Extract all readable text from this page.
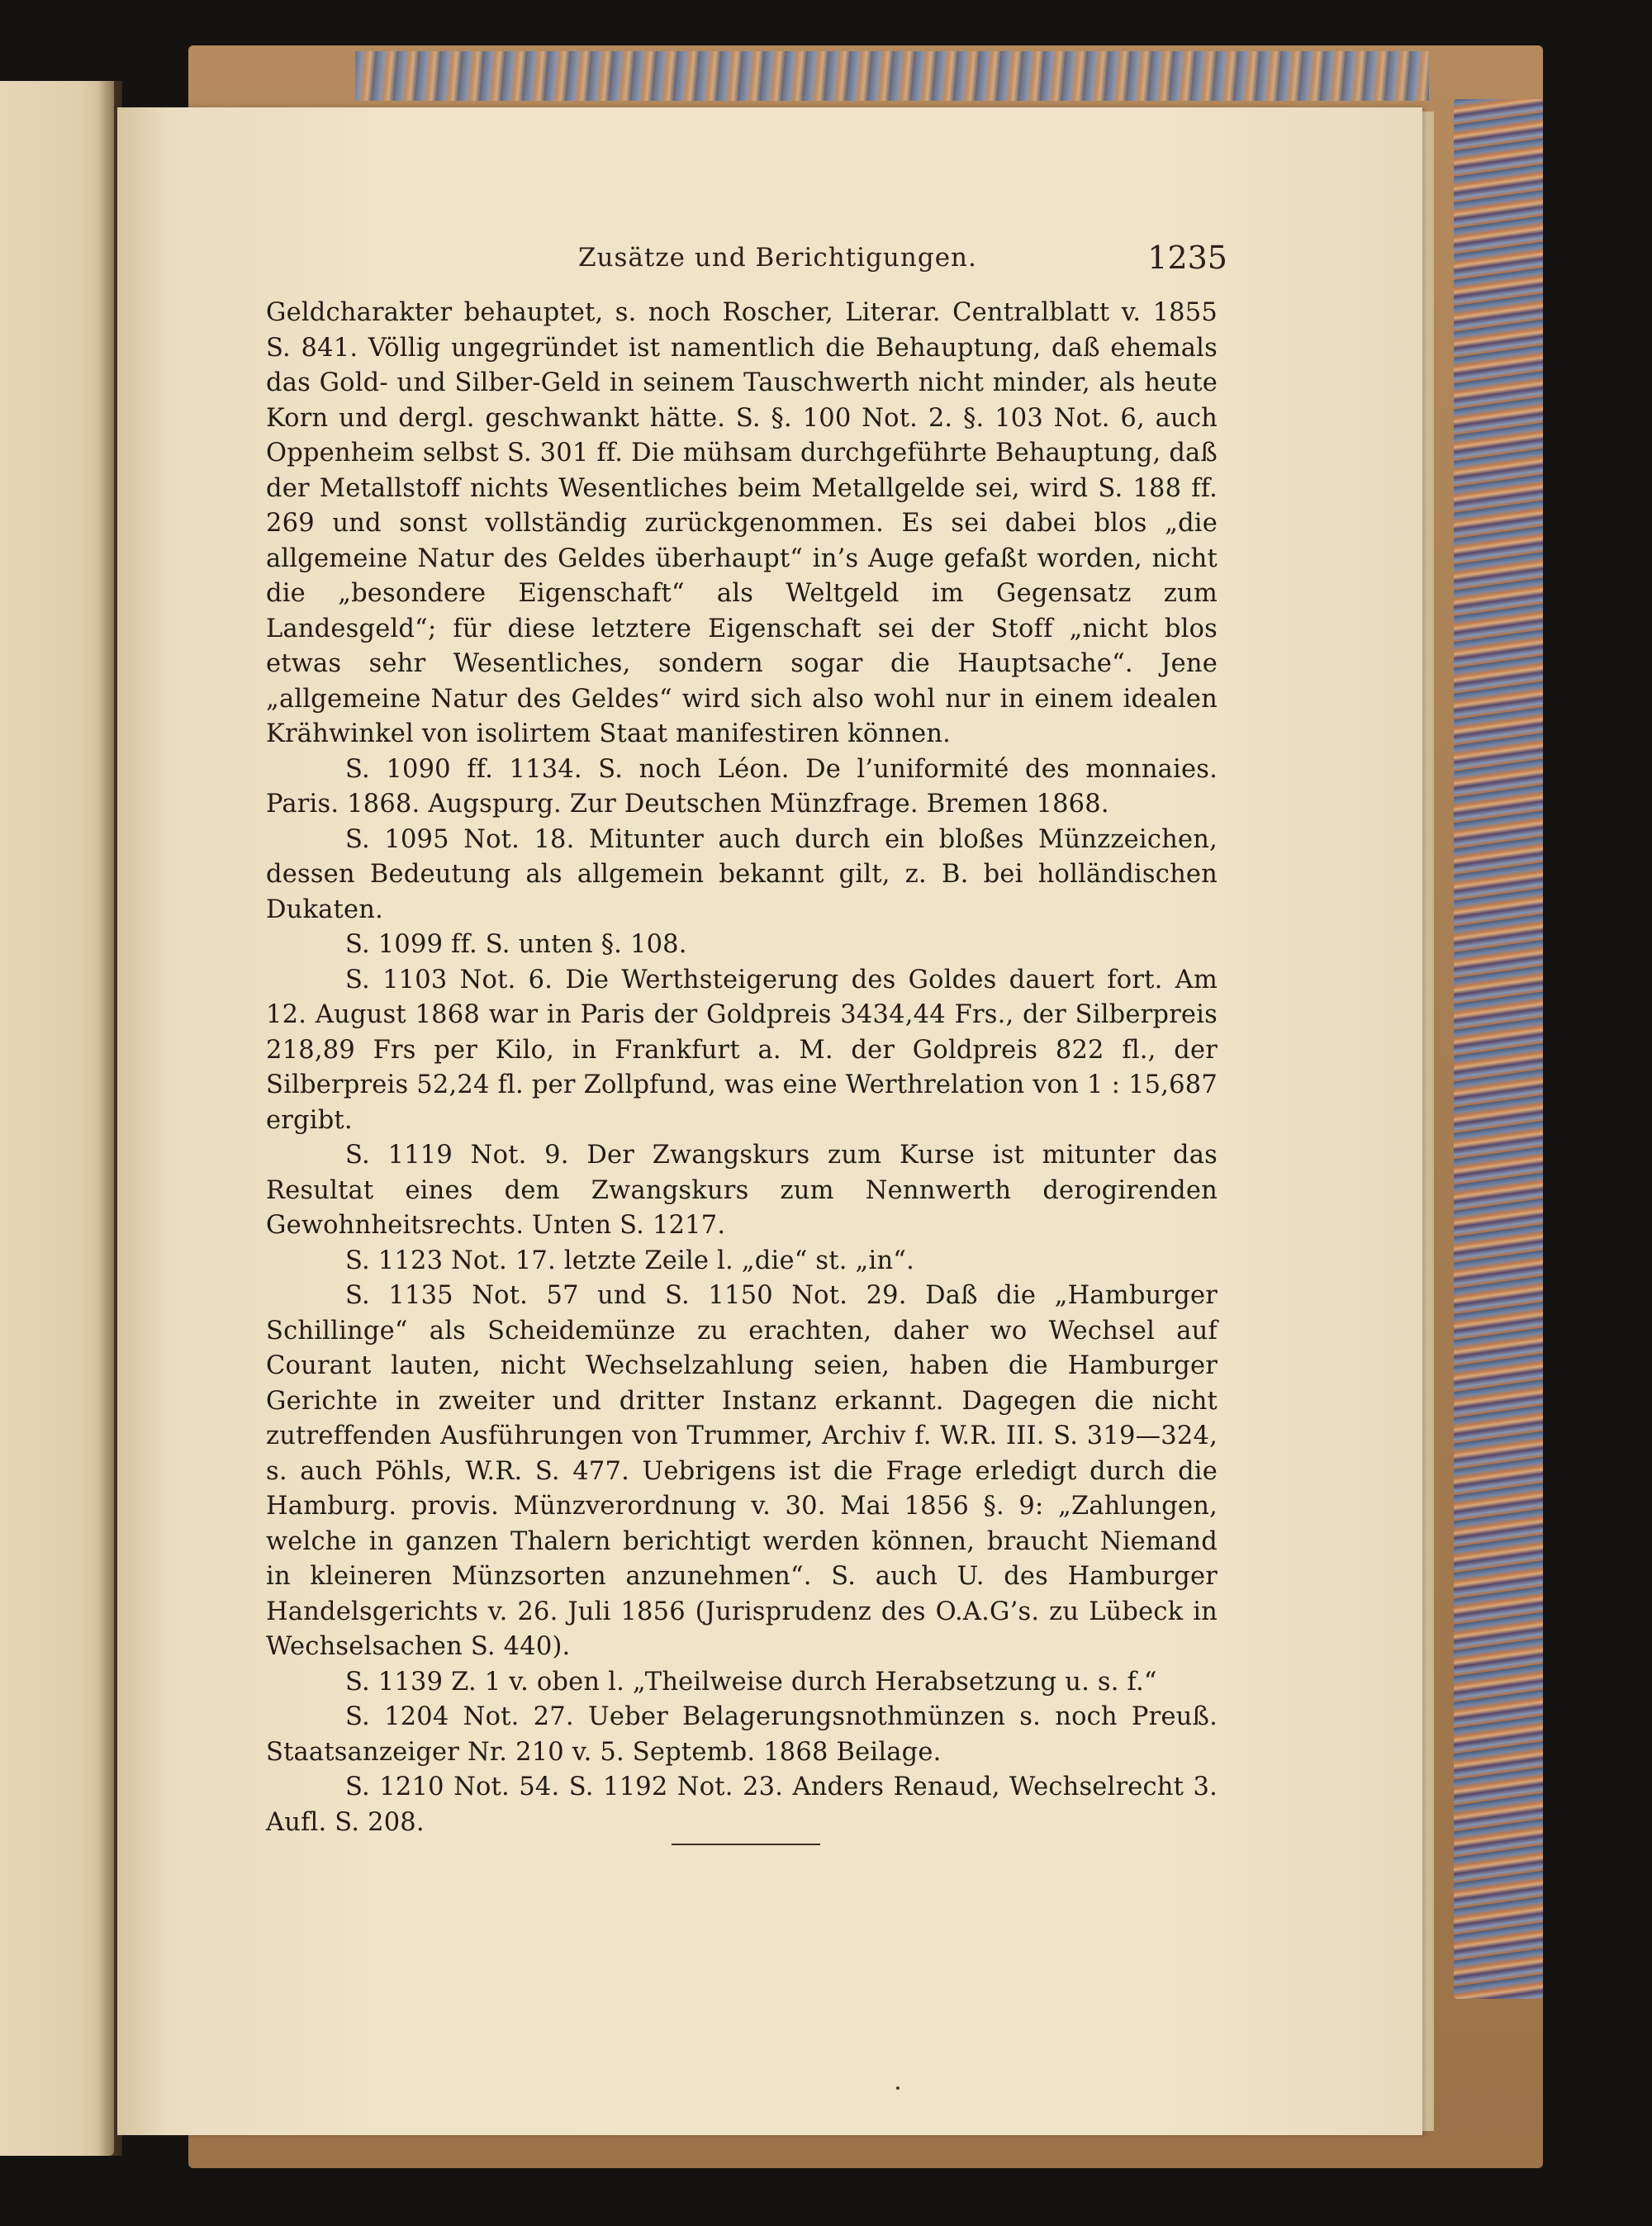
Zusätze und Berichtigungen.	1235

Geldcharakter behauptet, s. noch Roscher, Literar. Centralblatt v. 1855 S. 841. Völlig ungegründet ist namentlich die Behauptung, daß ehemals das Gold- und Silber-Geld in seinem Tauschwerth nicht minder, als heute Korn und dergl. geschwankt hätte. S. §. 100 Not. 2. §. 103 Not. 6, auch Oppenheim selbst S. 301 ff. Die mühsam durchgeführte Behauptung, daß der Metallstoff nichts Wesentliches beim Metallgelde sei, wird S. 188 ff. 269 und sonst vollständig zurückgenommen. Es sei dabei blos „die allgemeine Natur des Geldes überhaupt“ in’s Auge gefaßt worden, nicht die „besondere Eigenschaft“ als Weltgeld im Gegensatz zum Landesgeld“; für diese letztere Eigenschaft sei der Stoff „nicht blos etwas sehr Wesentliches, sondern sogar die Hauptsache“. Jene „allgemeine Natur des Geldes“ wird sich also wohl nur in einem idealen Krähwinkel von isolirtem Staat manifestiren können.

S. 1090 ff. 1134. S. noch Léon. De l’uniformité des monnaies. Paris. 1868. Augspurg. Zur Deutschen Münzfrage. Bremen 1868.

S. 1095 Not. 18. Mitunter auch durch ein bloßes Münzzeichen, dessen Bedeutung als allgemein bekannt gilt, z. B. bei holländischen Dukaten.

S. 1099 ff. S. unten §. 108.

S. 1103 Not. 6. Die Werthsteigerung des Goldes dauert fort. Am 12. August 1868 war in Paris der Goldpreis 3434,44 Frs., der Silberpreis 218,89 Frs per Kilo, in Frankfurt a. M. der Goldpreis 822 fl., der Silberpreis 52,24 fl. per Zollpfund, was eine Werthrelation von 1 : 15,687 ergibt.

S. 1119 Not. 9. Der Zwangskurs zum Kurse ist mitunter das Resultat eines dem Zwangskurs zum Nennwerth derogirenden Gewohnheitsrechts. Unten S. 1217.

S. 1123 Not. 17. letzte Zeile l. „die“ st. „in“.

S. 1135 Not. 57 und S. 1150 Not. 29. Daß die „Hamburger Schillinge“ als Scheidemünze zu erachten, daher wo Wechsel auf Courant lauten, nicht Wechselzahlung seien, haben die Hamburger Gerichte in zweiter und dritter Instanz erkannt. Dagegen die nicht zutreffenden Ausführungen von Trummer, Archiv f. W.R. III. S. 319—324, s. auch Pöhls, W.R. S. 477. Uebrigens ist die Frage erledigt durch die Hamburg. provis. Münzverordnung v. 30. Mai 1856 §. 9: „Zahlungen, welche in ganzen Thalern berichtigt werden können, braucht Niemand in kleineren Münzsorten anzunehmen“. S. auch U. des Hamburger Handelsgerichts v. 26. Juli 1856 (Jurisprudenz des O.A.G’s. zu Lübeck in Wechselsachen S. 440).

S. 1139 Z. 1 v. oben l. „Theilweise durch Herabsetzung u. s. f.“

S. 1204 Not. 27. Ueber Belagerungsnothmünzen s. noch Preuß. Staatsanzeiger Nr. 210 v. 5. Septemb. 1868 Beilage.

S. 1210 Not. 54. S. 1192 Not. 23. Anders Renaud, Wechselrecht 3. Aufl. S. 208.
